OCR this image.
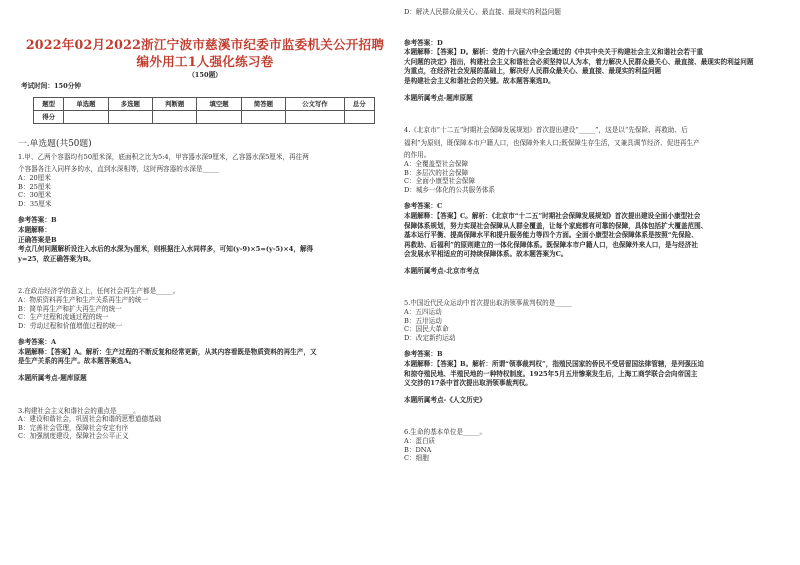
2022年02月2022浙江宁波市慈溪市纪委市监委机关公开招聘
编外用工1人强化练习卷
（150题）
考试时间：150分钟
题型	单选题	多选题	判断题	填空题	简答题	公文写作	总分
得分							
一.单选题(共50题)
1.甲、乙两个容器均有50厘米深，底面积之比为5:4，甲容器水深9厘米，乙容器水深5厘米，再往两
个容器各注入同样多的水，直到水深相等，这时两容器的水深是_____
A：20厘米
B：25厘米
C：30厘米
D：35厘米
参考答案：B
本题解释：
正确答案是B
考点几何问题解析设注入水后的水深为y厘米，则根据注入水同样多，可知(y-9)×5=(y-5)×4，解得
y=25，故正确答案为B。
2.在政治经济学的意义上，任何社会再生产都是_____。
A：物质资料再生产和生产关系再生产的统一
B：简单再生产和扩大再生产的统一
C：生产过程和流通过程的统一
D：劳动过程和价值增值过程的统一
参考答案：A
本题解释：【答案】A。解析：生产过程的不断反复和经常更新，从其内容看既是物质资料的再生产，又
是生产关系的再生产。故本题答案选A。
本题所属考点-题库原题
3.构建社会主义和谐社会的重点是_____。
A：建设和谐社会，巩固社会和谐的思想道德基础
B：完善社会管理，保障社会安定有序
C：加强制度建设，保障社会公平正义
D：解决人民群众最关心、最直接、最现实的利益问题
参考答案：D
本题解释：【答案】D。解析：党的十六届六中全会通过的《中共中央关于构建社会主义和谐社会若干重
大问题的决定》指出，构建社会主义和谐社会必须坚持以人为本，着力解决人民群众最关心、最直接、最现实的利益问题
为重点，在经济社会发展的基础上，解决好人民群众最关心、最直接、最现实的利益问题
是构建社会主义和谐社会的关键。故本题答案选D。
本题所属考点-题库原题
4.《北京市“十二五”时期社会保障发展规划》首次提出建设“_____”，这是以“先保险、再救助、后
福利”为原则，既保障本市户籍人口，也保障外来人口;既保障生存生活，又兼具调节经济、促进再生产
的作用。
A：全覆盖型社会保障
B：多层次的社会保障
C：全面小康型社会保障
D：城乡一体化的公共服务体系
参考答案：C
本题解释：【答案】C。解析：《北京市“十二五”时期社会保障发展规划》首次提出建设全面小康型社会
保障体系规划，努力实现社会保障从人群全覆盖，让每个家庭都有可靠的保障，具体包括扩大覆盖范围、
基本运行平衡、提高保障水平和提升服务能力等四个方面。全面小康型社会保障体系是按照“先保险、
再救助、后福利”的原则建立的一体化保障体系。既保障本市户籍人口，也保障外来人口，是与经济社
会发展水平相适应的可持续保障体系。故本题答案为C。
本题所属考点-北京市考点
5.中国近代民众运动中首次提出取消领事裁判权的是_____
A：五四运动
B：五卅运动
C：国民大革命
D：改定新约运动
参考答案：B
本题解释：【答案】B。解析：所谓“领事裁判权”，指殖民国家的侨民不受居留国法律管辖，是列强压迫
和掠夺殖民地、半殖民地的一种特权制度。1925年5月五卅惨案发生后，上海工商学联合会向帝国主
义交涉的17条中首次提出取消领事裁判权。
本题所属考点-《人文历史》
6.生命的基本单位是_____。
A：蛋白质
B：DNA
C：细胞
